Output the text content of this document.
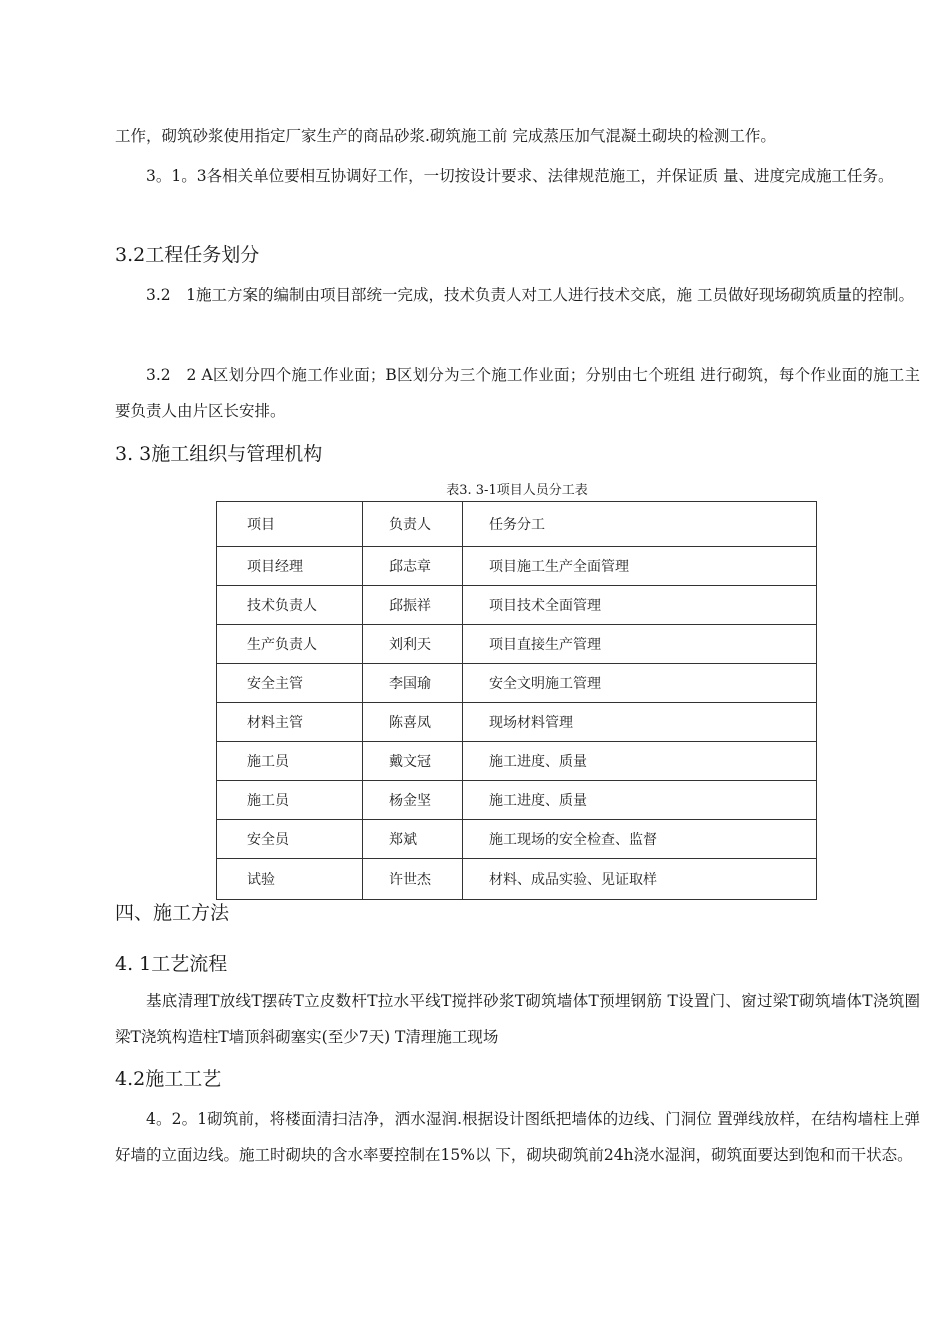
工作，砌筑砂浆使用指定厂家生产的商品砂浆.砌筑施工前 完成蒸压加气混凝土砌块的检测工作。

3。1。3各相关单位要相互协调好工作，一切按设计要求、法律规范施工，并保证质 量、进度完成施工任务。

3.2工程任务划分

3.2　1施工方案的编制由项目部统一完成，技术负责人对工人进行技术交底，施 工员做好现场砌筑质量的控制。

3.2　2 A区划分四个施工作业面；B区划分为三个施工作业面；分别由七个班组 进行砌筑，每个作业面的施工主要负责人由片区长安排。

3. 3施工组织与管理机构
表3. 3-1项目人员分工表
项目	负责人	任务分工
项目经理	邱志章	项目施工生产全面管理
技术负责人	邱振祥	项目技术全面管理
生产负责人	刘利天	项目直接生产管理
安全主管	李国瑜	安全文明施工管理
材料主管	陈喜凤	现场材料管理
施工员	戴文冠	施工进度、质量
施工员	杨金坚	施工进度、质量
安全员	郑斌	施工现场的安全检查、监督
试验	许世杰	材料、成品实验、见证取样
四、施工方法
4. 1工艺流程

基底清理T放线T摆砖T立皮数杆T拉水平线T搅拌砂浆T砌筑墙体T预埋钢筋 T设置门、窗过梁T砌筑墙体T浇筑圈梁T浇筑构造柱T墙顶斜砌塞实(至少7天) T清理施工现场

4.2施工工艺

4。2。1砌筑前，将楼面清扫洁净，洒水湿润.根据设计图纸把墙体的边线、门洞位 置弹线放样，在结构墙柱上弹好墙的立面边线。施工时砌块的含水率要控制在15%以 下，砌块砌筑前24h浇水湿润，砌筑面要达到饱和而干状态。
